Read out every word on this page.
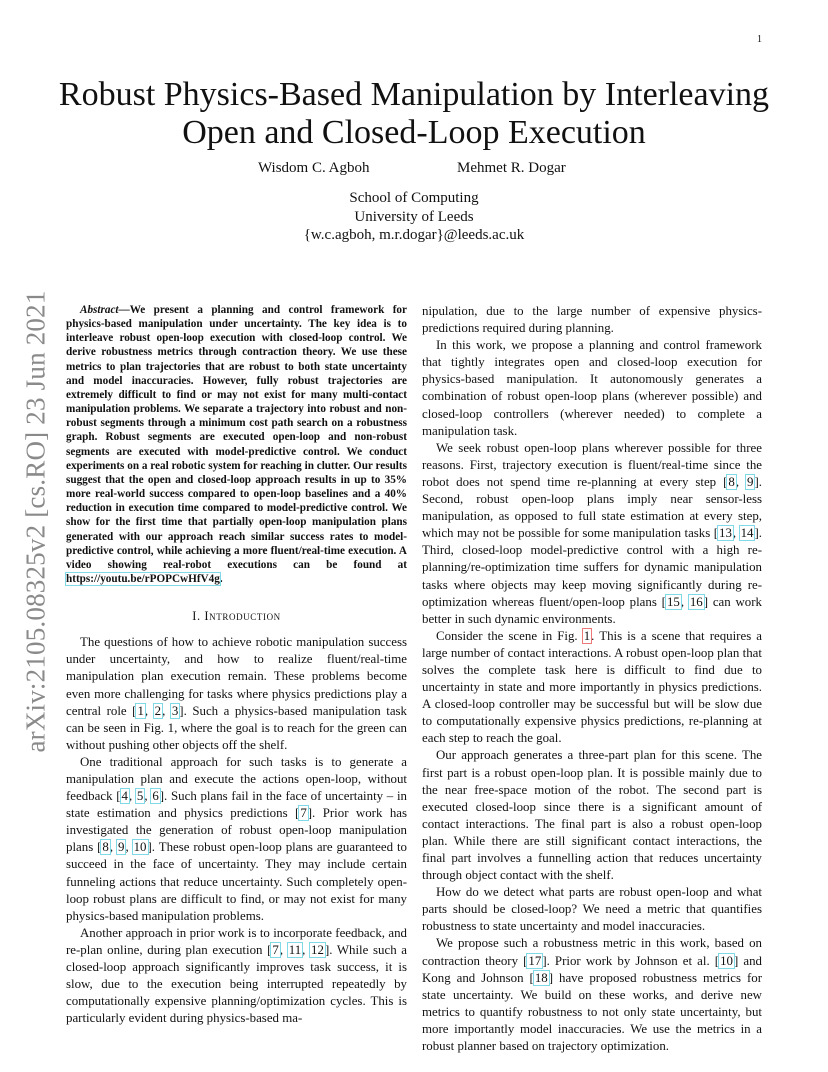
1
arXiv:2105.08325v2 [cs.RO] 23 Jun 2021
Robust Physics-Based Manipulation by Interleaving
Open and Closed-Loop Execution
Wisdom C. Agboh	Mehmet R. Dogar
School of Computing
University of Leeds
{w.c.agboh, m.r.dogar}@leeds.ac.uk

Abstract—We present a planning and control framework for physics-based manipulation under uncertainty. The key idea is to interleave robust open-loop execution with closed-loop control. We derive robustness metrics through contraction theory. We use these metrics to plan trajectories that are robust to both state uncertainty and model inaccuracies. However, fully robust trajectories are extremely difficult to find or may not exist for many multi-contact manipulation problems. We separate a trajectory into robust and non-robust segments through a minimum cost path search on a robustness graph. Robust segments are executed open-loop and non-robust segments are executed with model-predictive control. We conduct experiments on a real robotic system for reaching in clutter. Our results suggest that the open and closed-loop approach results in up to 35% more real-world success compared to open-loop baselines and a 40% reduction in execution time compared to model-predictive control. We show for the first time that partially open-loop manipulation plans generated with our approach reach similar success rates to model-predictive control, while achieving a more fluent/real-time execution. A video showing real-robot executions can be found at https://youtu.be/rPOPCwHfV4g.

I. Introduction

The questions of how to achieve robotic manipulation success under uncertainty, and how to realize fluent/real-time manipulation plan execution remain. These problems become even more challenging for tasks where physics predictions play a central role [1, 2, 3]. Such a physics-based manipulation task can be seen in Fig. 1, where the goal is to reach for the green can without pushing other objects off the shelf.

One traditional approach for such tasks is to generate a manipulation plan and execute the actions open-loop, without feedback [4, 5, 6]. Such plans fail in the face of uncertainty – in state estimation and physics predictions [7]. Prior work has investigated the generation of robust open-loop manipulation plans [8, 9, 10]. These robust open-loop plans are guaranteed to succeed in the face of uncertainty. They may include certain funneling actions that reduce uncertainty. Such completely open-loop robust plans are difficult to find, or may not exist for many physics-based manipulation problems.

Another approach in prior work is to incorporate feedback, and re-plan online, during plan execution [7, 11, 12]. While such a closed-loop approach significantly improves task success, it is slow, due to the execution being interrupted repeatedly by computationally expensive planning/optimization cycles. This is particularly evident during physics-based ma-

nipulation, due to the large number of expensive physics-predictions required during planning.

In this work, we propose a planning and control framework that tightly integrates open and closed-loop execution for physics-based manipulation. It autonomously generates a combination of robust open-loop plans (wherever possible) and closed-loop controllers (wherever needed) to complete a manipulation task.

We seek robust open-loop plans wherever possible for three reasons. First, trajectory execution is fluent/real-time since the robot does not spend time re-planning at every step [8, 9]. Second, robust open-loop plans imply near sensor-less manipulation, as opposed to full state estimation at every step, which may not be possible for some manipulation tasks [13, 14]. Third, closed-loop model-predictive control with a high re-planning/re-optimization time suffers for dynamic manipulation tasks where objects may keep moving significantly during re-optimization whereas fluent/open-loop plans [15, 16] can work better in such dynamic environments.

Consider the scene in Fig. 1. This is a scene that requires a large number of contact interactions. A robust open-loop plan that solves the complete task here is difficult to find due to uncertainty in state and more importantly in physics predictions. A closed-loop controller may be successful but will be slow due to computationally expensive physics predictions, re-planning at each step to reach the goal.

Our approach generates a three-part plan for this scene. The first part is a robust open-loop plan. It is possible mainly due to the near free-space motion of the robot. The second part is executed closed-loop since there is a significant amount of contact interactions. The final part is also a robust open-loop plan. While there are still significant contact interactions, the final part involves a funnelling action that reduces uncertainty through object contact with the shelf.

How do we detect what parts are robust open-loop and what parts should be closed-loop? We need a metric that quantifies robustness to state uncertainty and model inaccuracies.

We propose such a robustness metric in this work, based on contraction theory [17]. Prior work by Johnson et al. [10] and Kong and Johnson [18] have proposed robustness metrics for state uncertainty. We build on these works, and derive new metrics to quantify robustness to not only state uncertainty, but more importantly model inaccuracies. We use the metrics in a robust planner based on trajectory optimization.
